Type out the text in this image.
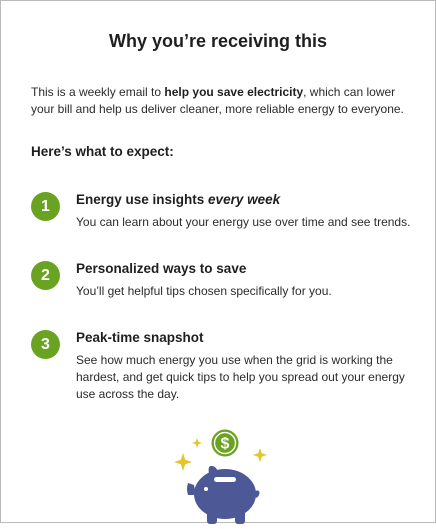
Why you’re receiving this

This is a weekly email to help you save electricity, which can lower your bill and help us deliver cleaner, more reliable energy to everyone.

Here’s what to expect:
1	Energy use insights every week
You can learn about your energy use over time and see trends.
2	Personalized ways to save
You’ll get helpful tips chosen specifically for you.
3	Peak-time snapshot
See how much energy you use when the grid is working the hardest, and get quick tips to help you spread out your energy use across the day.
$
